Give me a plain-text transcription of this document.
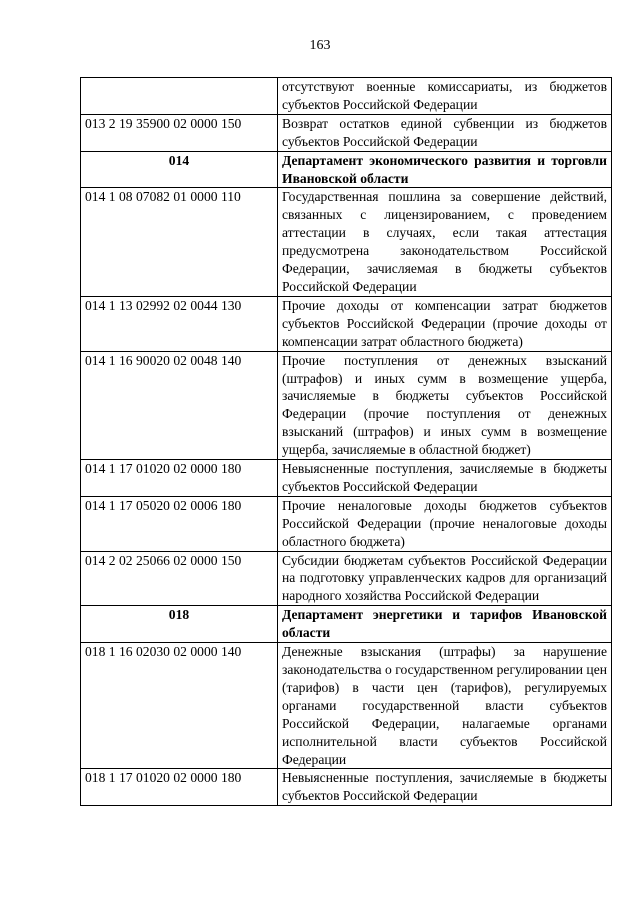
163
	отсутствуют военные комиссариаты, из бюджетов субъектов Российской Федерации
013 2 19 35900 02 0000 150	Возврат остатков единой субвенции из бюджетов субъектов Российской Федерации
014	Департамент экономического развития и торговли Ивановской области
014 1 08 07082 01 0000 110	Государственная пошлина за совершение действий, связанных с лицензированием, с проведением аттестации в случаях, если такая аттестация предусмотрена законодательством Российской Федерации, зачисляемая в бюджеты субъектов Российской Федерации
014 1 13 02992 02 0044 130	Прочие доходы от компенсации затрат бюджетов субъектов Российской Федерации (прочие доходы от компенсации затрат областного бюджета)
014 1 16 90020 02 0048 140	Прочие поступления от денежных взысканий (штрафов) и иных сумм в возмещение ущерба, зачисляемые в бюджеты субъектов Российской Федерации (прочие поступления от денежных взысканий (штрафов) и иных сумм в возмещение ущерба, зачисляемые в областной бюджет)
014 1 17 01020 02 0000 180	Невыясненные поступления, зачисляемые в бюджеты субъектов Российской Федерации
014 1 17 05020 02 0006 180	Прочие неналоговые доходы бюджетов субъектов Российской Федерации (прочие неналоговые доходы областного бюджета)
014 2 02 25066 02 0000 150	Субсидии бюджетам субъектов Российской Федерации на подготовку управленческих кадров для организаций народного хозяйства Российской Федерации
018	Департамент энергетики и тарифов Ивановской области
018 1 16 02030 02 0000 140	Денежные взыскания (штрафы) за нарушение законодательства о государственном регулировании цен (тарифов) в части цен (тарифов), регулируемых органами государственной власти субъектов Российской Федерации, налагаемые органами исполнительной власти субъектов Российской Федерации
018 1 17 01020 02 0000 180	Невыясненные поступления, зачисляемые в бюджеты субъектов Российской Федерации
